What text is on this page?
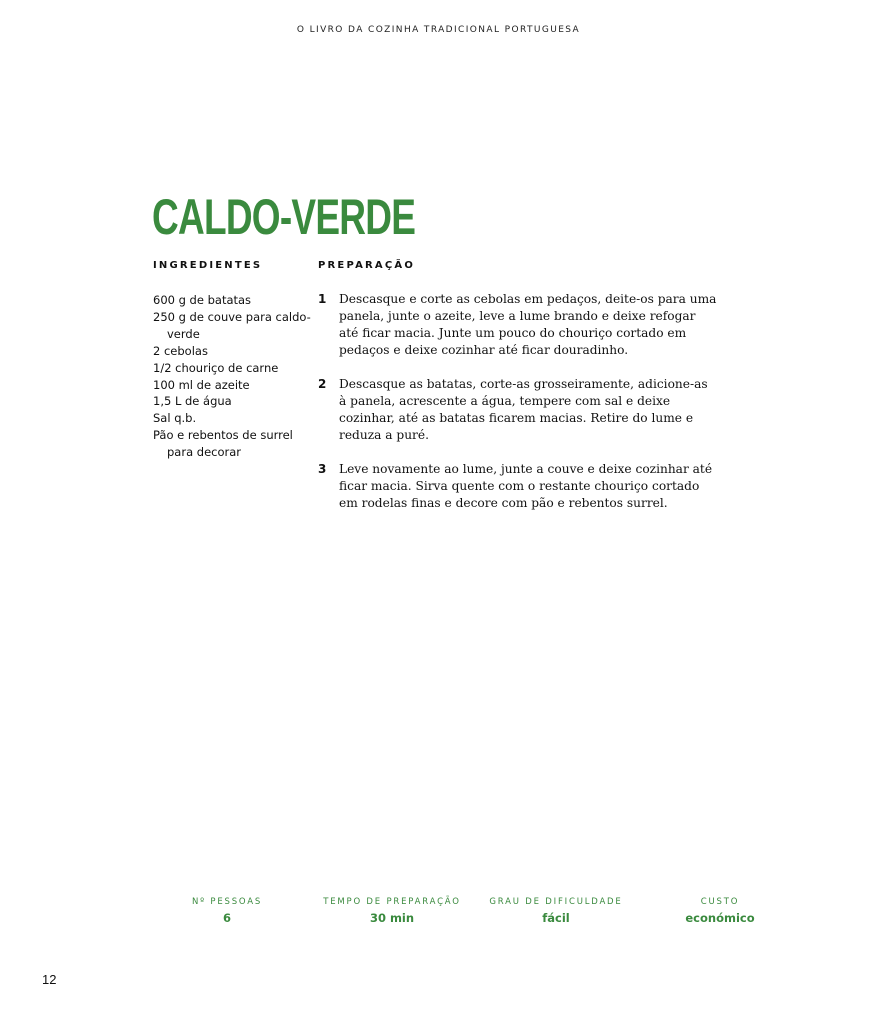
O LIVRO DA COZINHA TRADICIONAL PORTUGUESA
CALDO-VERDE
INGREDIENTES	PREPARAÇÃO
600 g de batatas
250 g de couve para caldo-verde
2 cebolas
1/2 chouriço de carne
100 ml de azeite
1,5 L de água
Sal q.b.
Pão e rebentos de surrel para decorar
1	Descasque e corte as cebolas em pedaços, deite-os para uma panela, junte o azeite, leve a lume brando e deixe refogar até ficar macia. Junte um pouco do chouriço cortado em pedaços e deixe cozinhar até ficar douradinho.
2	Descasque as batatas, corte-as grosseiramente, adicione-as à panela, acrescente a água, tempere com sal e deixe cozinhar, até as batatas ficarem macias. Retire do lume e reduza a puré.
3	Leve novamente ao lume, junte a couve e deixe cozinhar até ficar macia. Sirva quente com o restante chouriço cortado em rodelas finas e decore com pão e rebentos surrel.
Nº PESSOAS
6
TEMPO DE PREPARAÇÃO
30 min
GRAU DE DIFICULDADE
fácil
CUSTO
económico
12
